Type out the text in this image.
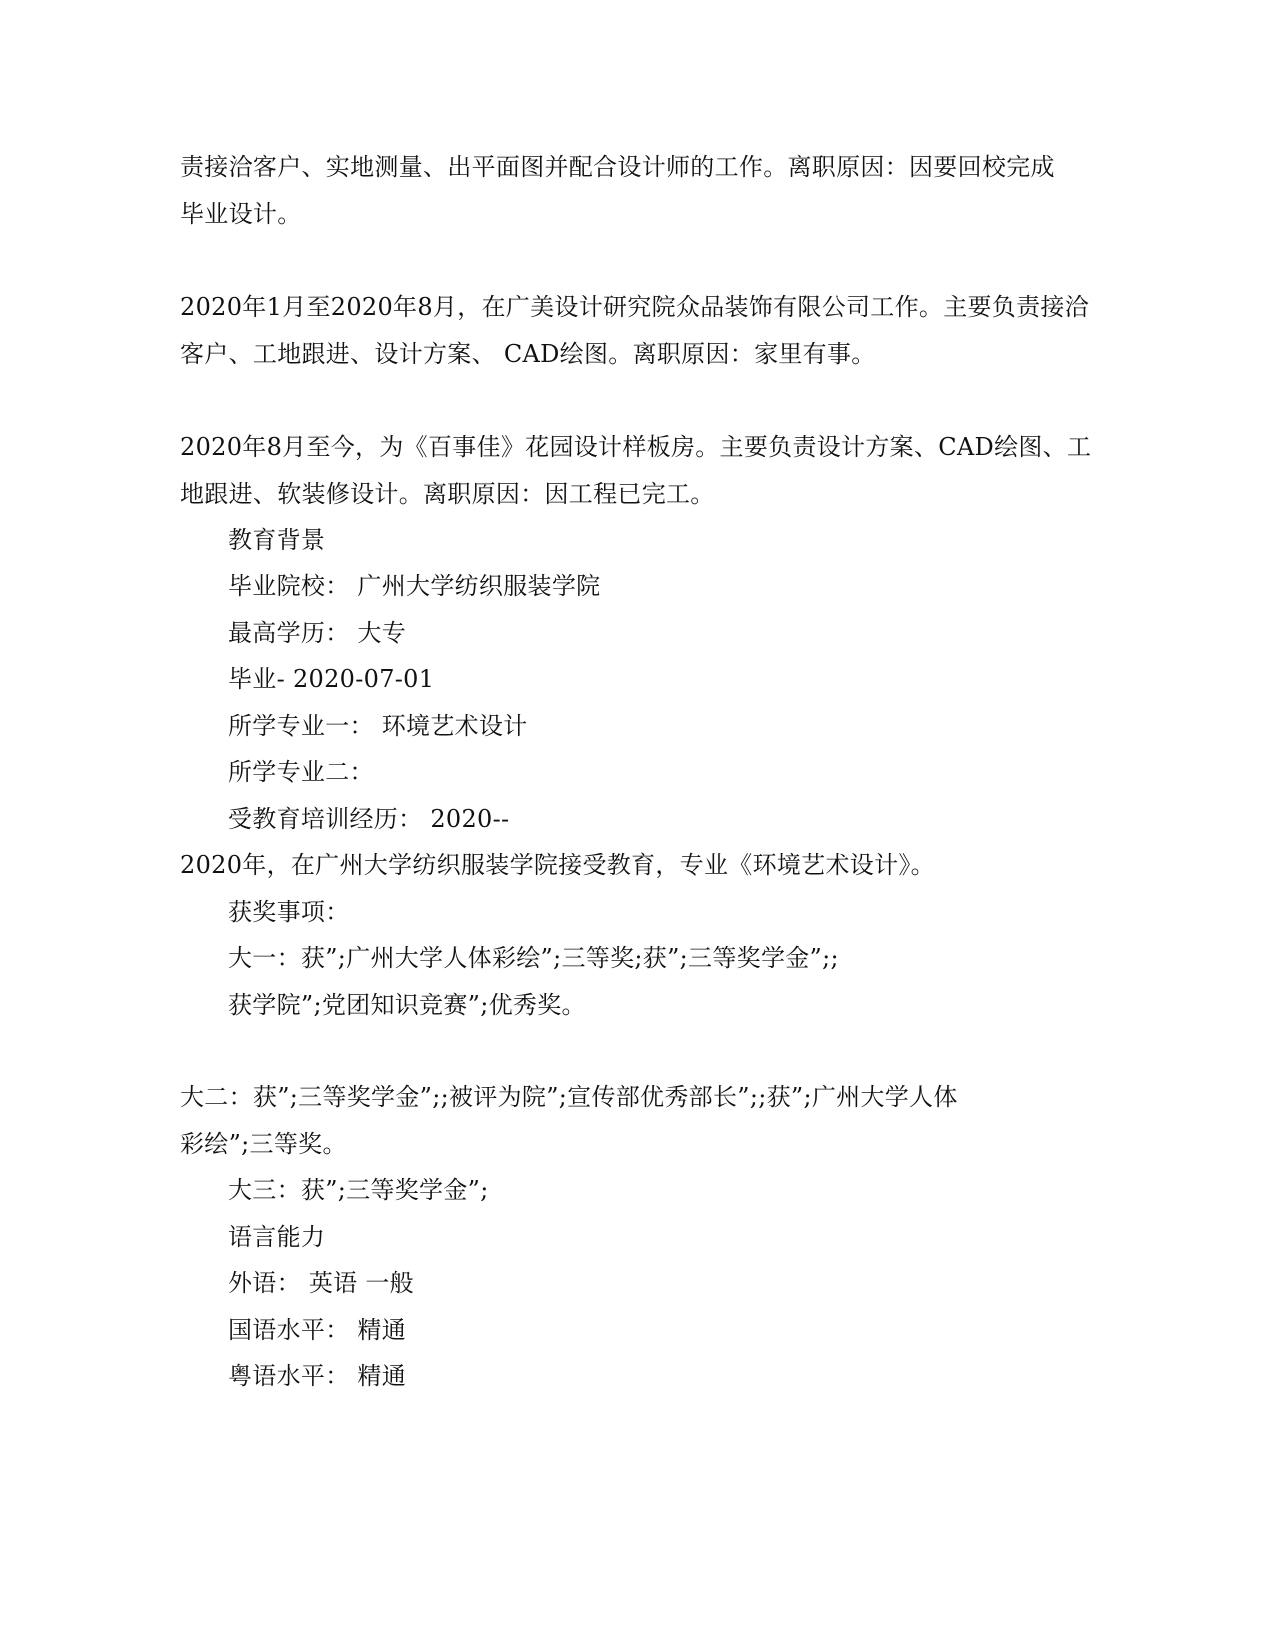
责接洽客户、实地测量、出平面图并配合设计师的工作。离职原因：因要回校完成
毕业设计。
2020年1月至2020年8月，在广美设计研究院众品装饰有限公司工作。主要负责接洽
客户、工地跟进、设计方案、 CAD绘图。离职原因：家里有事。
2020年8月至今，为《百事佳》花园设计样板房。主要负责设计方案、CAD绘图、工
地跟进、软装修设计。离职原因：因工程已完工。
教育背景
毕业院校： 广州大学纺织服装学院
最高学历： 大专
毕业- 2020-07-01
所学专业一： 环境艺术设计
所学专业二：
受教育培训经历： 2020--
2020年，在广州大学纺织服装学院接受教育，专业《环境艺术设计》。
获奖事项：
大一：获”;广州大学人体彩绘”;三等奖;获”;三等奖学金”;;
获学院”;党团知识竞赛”;优秀奖。
大二：获”;三等奖学金”;;被评为院”;宣传部优秀部长”;;获”;广州大学人体
彩绘”;三等奖。
大三：获”;三等奖学金”;
语言能力
外语： 英语 一般
国语水平： 精通
粤语水平： 精通
